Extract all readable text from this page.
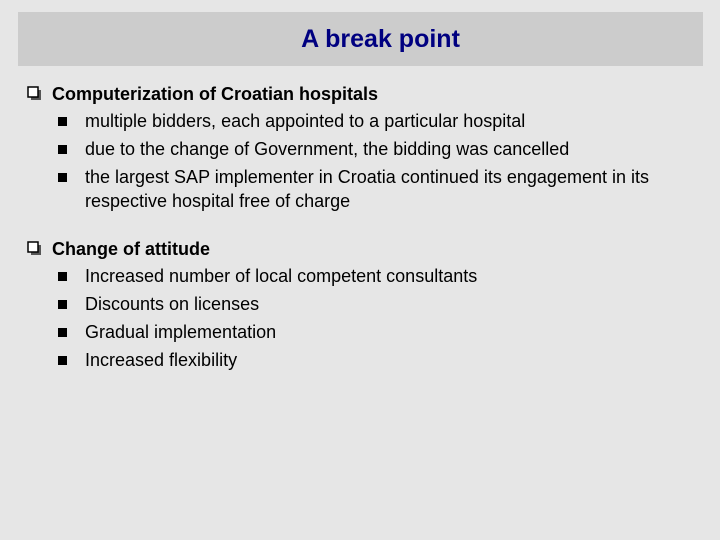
A break point
Computerization of Croatian hospitals
multiple bidders, each appointed to a particular hospital
due to the change of Government, the bidding was cancelled
the largest SAP implementer in Croatia continued its engagement in its respective hospital free of charge
Change of attitude
Increased number of local competent consultants
Discounts on licenses
Gradual implementation
Increased flexibility
